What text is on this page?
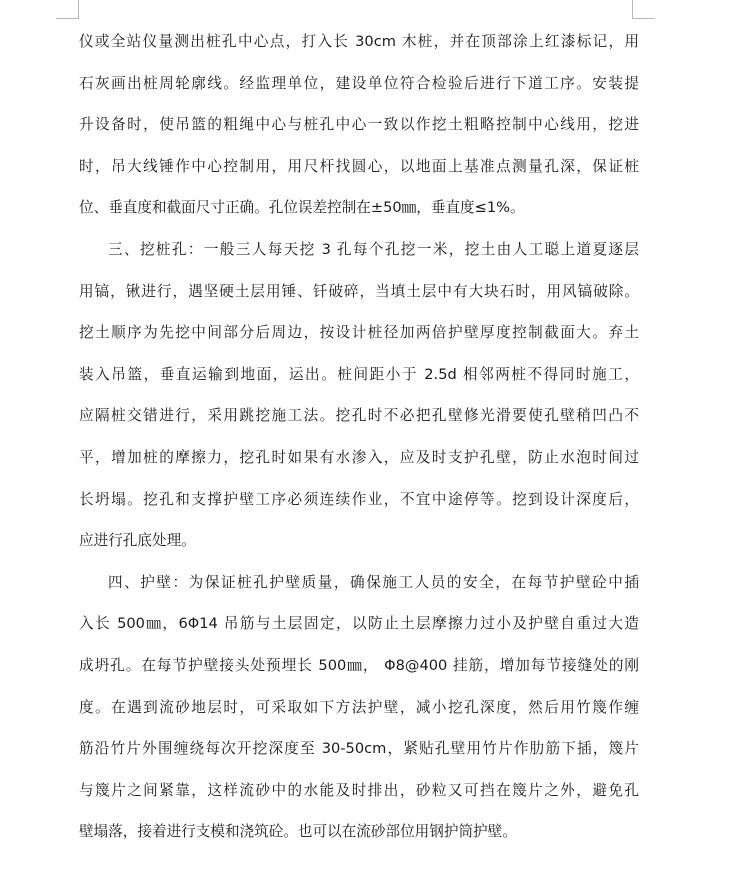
仪或全站仪量测出桩孔中心点，打入长 30cm 木桩，并在顶部涂上红漆标记，用
石灰画出桩周轮廓线。经监理单位，建设单位符合检验后进行下道工序。安装提
升设备时，使吊篮的粗绳中心与桩孔中心一致以作挖土粗略控制中心线用，挖进
时，吊大线锤作中心控制用，用尺杆找圆心，以地面上基准点测量孔深，保证桩
位、垂直度和截面尺寸正确。孔位误差控制在±50㎜，垂直度≤1%。
三、挖桩孔：一般三人每天挖 3 孔每个孔挖一米，挖土由人工聪上道夏逐层
用镐，锹进行，遇坚硬土层用锤、钎破碎，当填土层中有大块石时，用风镐破除。
挖土顺序为先挖中间部分后周边，按设计桩径加两倍护壁厚度控制截面大。弃土
装入吊篮，垂直运输到地面，运出。桩间距小于 2.5d 相邻两桩不得同时施工，
应隔桩交错进行，采用跳挖施工法。挖孔时不必把孔壁修光滑要使孔壁稍凹凸不
平，增加桩的摩擦力，挖孔时如果有水渗入，应及时支护孔壁，防止水泡时间过
长坍塌。挖孔和支撑护壁工序必须连续作业，不宜中途停等。挖到设计深度后，
应进行孔底处理。
四、护壁：为保证桩孔护壁质量，确保施工人员的安全，在每节护壁砼中插
入长 500㎜，6Φ14 吊筋与土层固定，以防止土层摩擦力过小及护壁自重过大造
成坍孔。在每节护壁接头处预埋长 500㎜， Φ8@400 挂筋，增加每节接缝处的刚
度。在遇到流砂地层时，可采取如下方法护壁，减小挖孔深度，然后用竹篾作缠
筋沿竹片外围缠绕每次开挖深度至 30-50cm，紧贴孔壁用竹片作肋筋下插，篾片
与篾片之间紧靠，这样流砂中的水能及时排出，砂粒又可挡在篾片之外，避免孔
壁塌落，接着进行支模和浇筑砼。也可以在流砂部位用钢护筒护壁。
